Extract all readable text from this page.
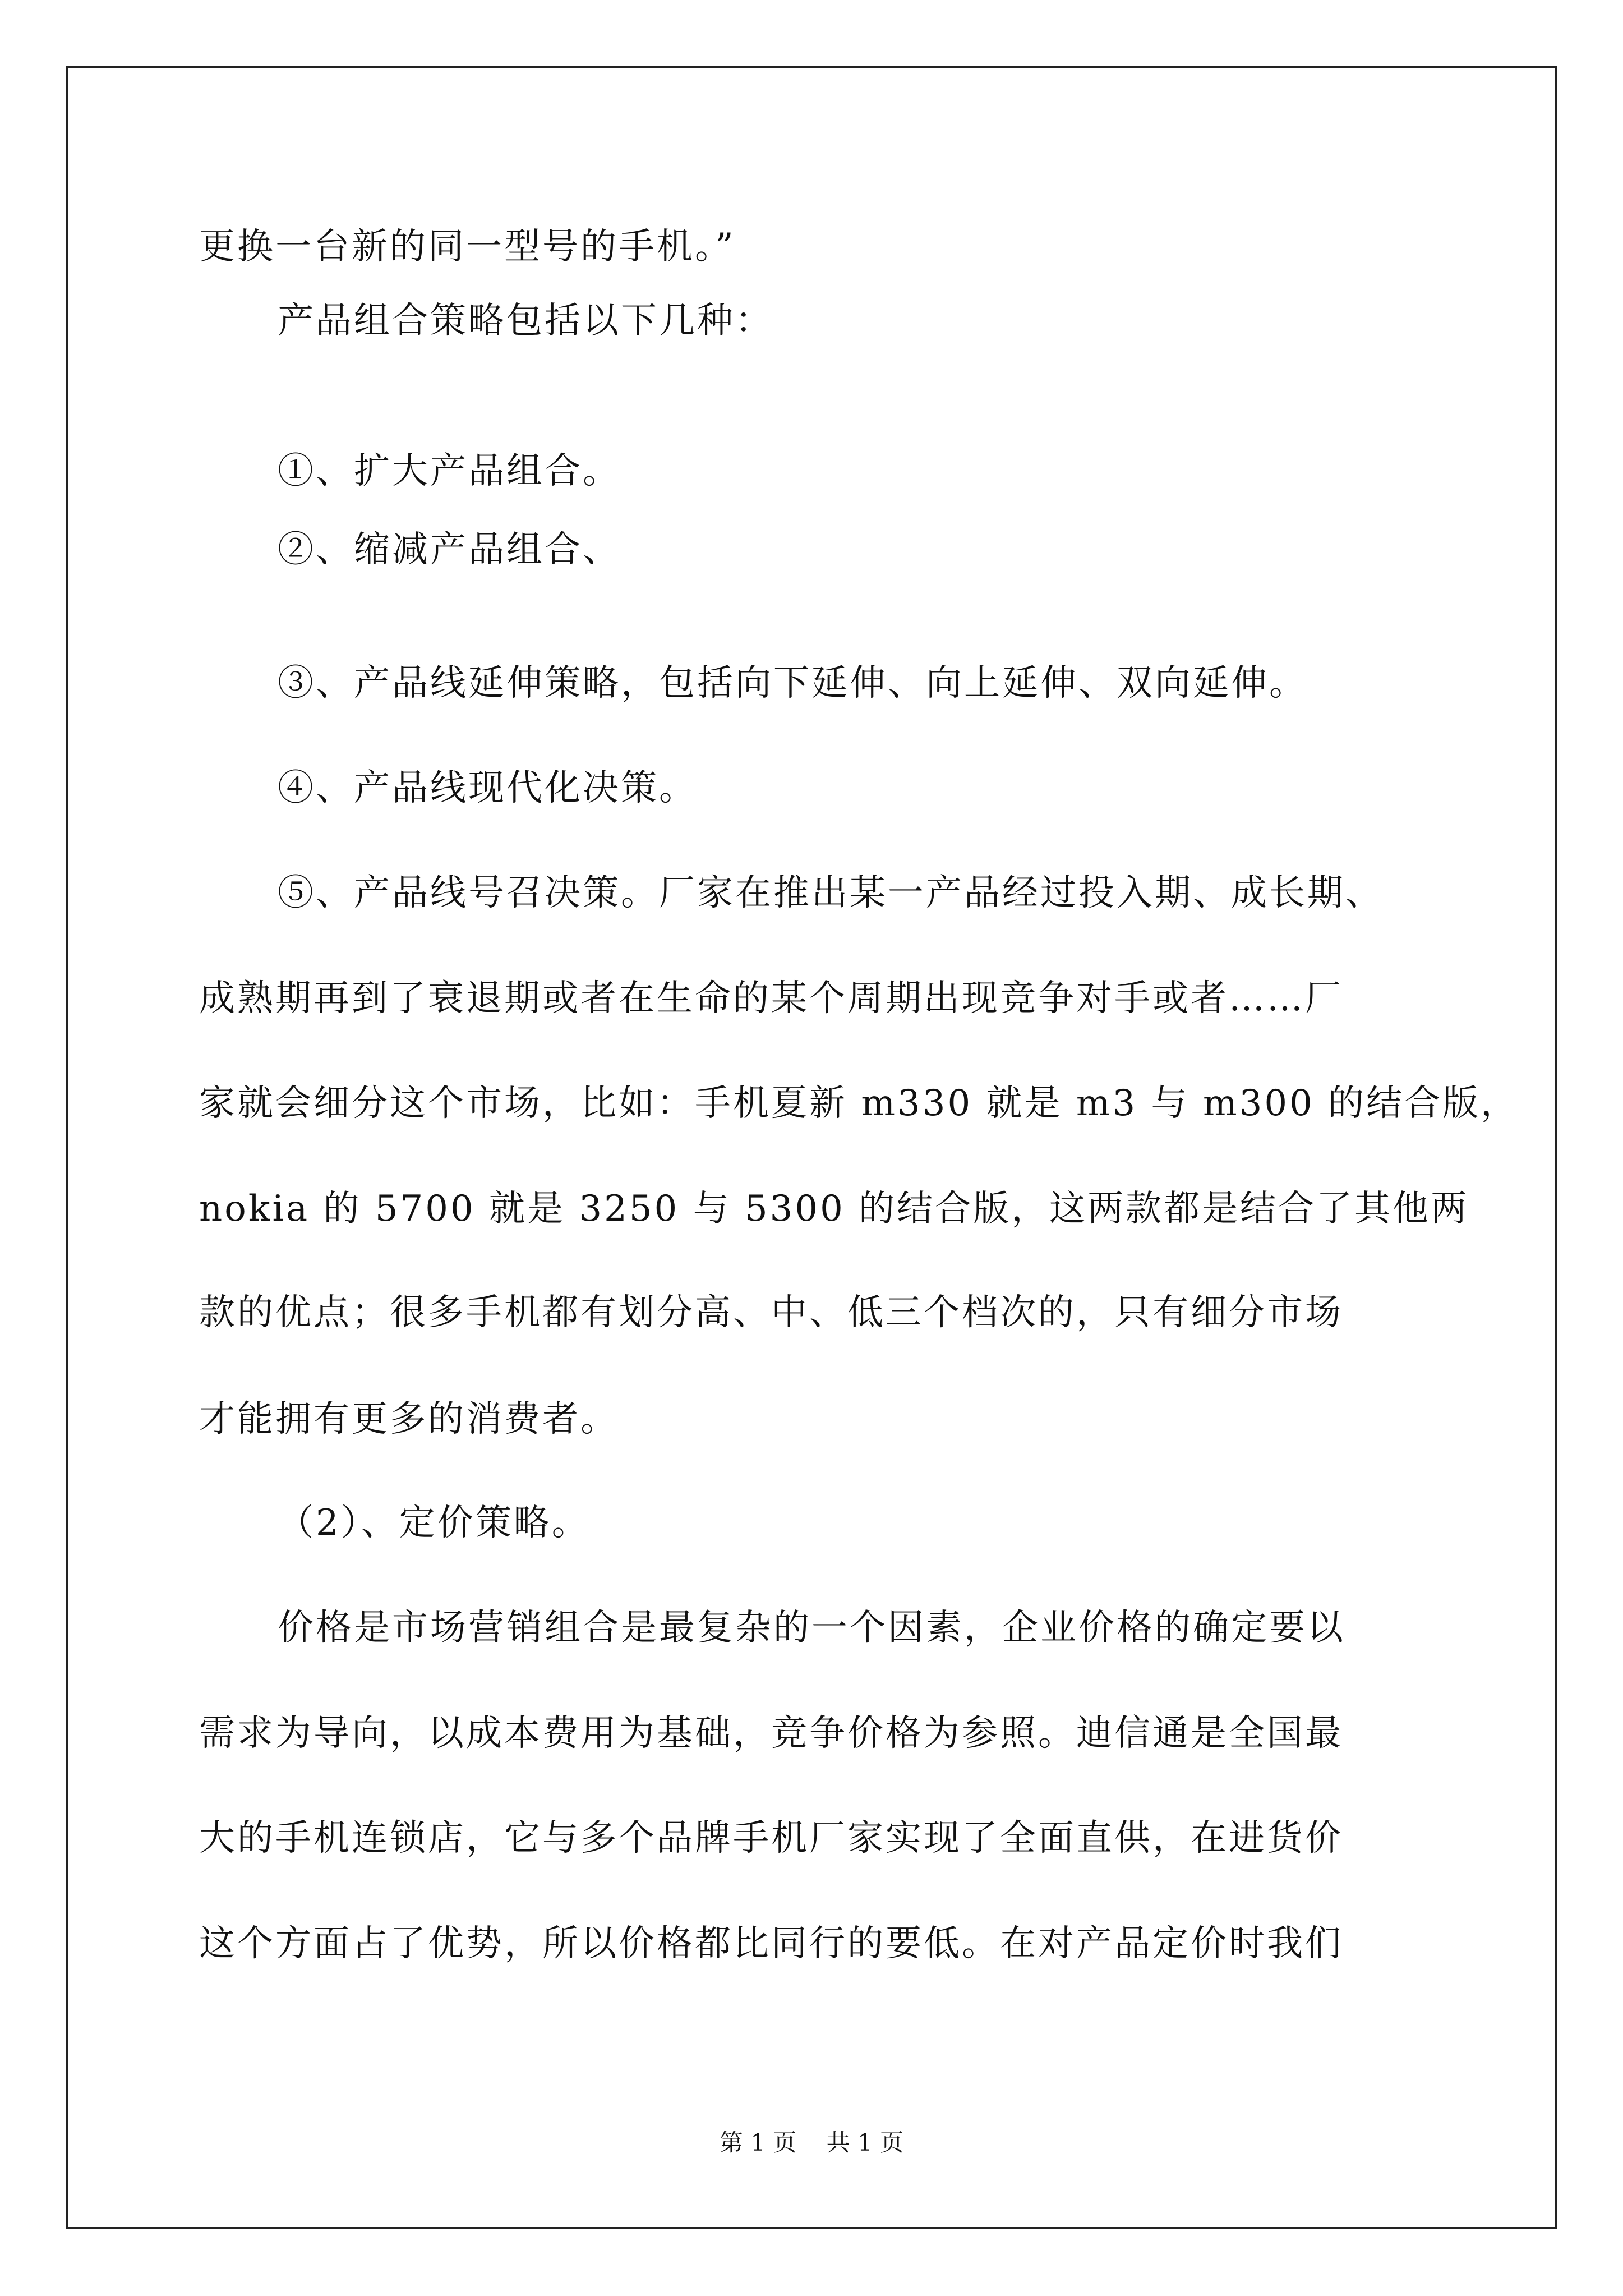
更换一台新的同一型号的手机。”
产品组合策略包括以下几种：
①、扩大产品组合。
②、缩减产品组合、
③、产品线延伸策略，包括向下延伸、向上延伸、双向延伸。
④、产品线现代化决策。
⑤、产品线号召决策。厂家在推出某一产品经过投入期、成长期、
成熟期再到了衰退期或者在生命的某个周期出现竞争对手或者……厂
家就会细分这个市场，比如：手机夏新 m330 就是 m3 与 m300 的结合版，
nokia 的 5700 就是 3250 与 5300 的结合版，这两款都是结合了其他两
款的优点；很多手机都有划分高、中、低三个档次的，只有细分市场
才能拥有更多的消费者。
（2）、定价策略。
价格是市场营销组合是最复杂的一个因素，企业价格的确定要以
需求为导向，以成本费用为基础，竞争价格为参照。迪信通是全国最
大的手机连锁店，它与多个品牌手机厂家实现了全面直供，在进货价
这个方面占了优势，所以价格都比同行的要低。在对产品定价时我们
第 1 页    共 1 页
